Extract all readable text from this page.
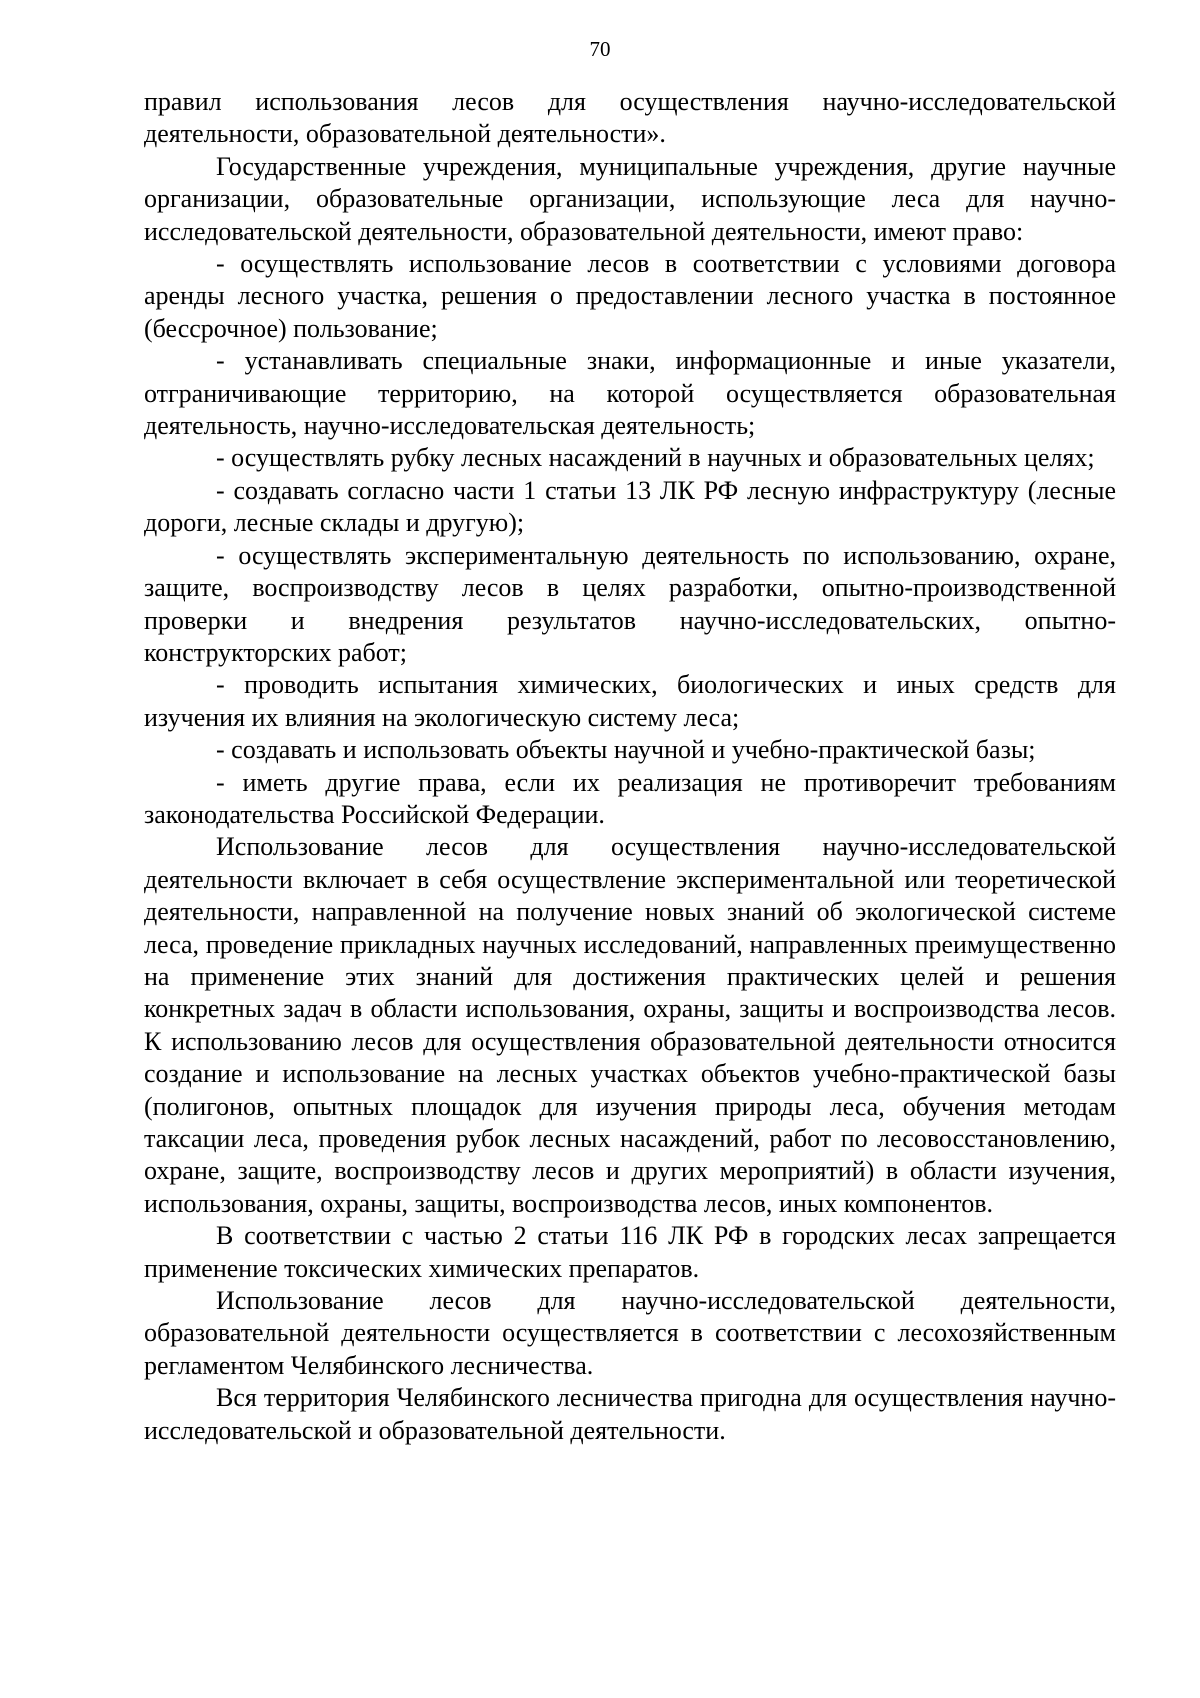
70

правил использования лесов для осуществления научно-исследовательской деятельности, образовательной деятельности».

Государственные учреждения, муниципальные учреждения, другие научные организации, образовательные организации, использующие леса для научно-исследовательской деятельности, образовательной деятельности, имеют право:

- осуществлять использование лесов в соответствии с условиями договора аренды лесного участка, решения о предоставлении лесного участка в постоянное (бессрочное) пользование;

- устанавливать специальные знаки, информационные и иные указатели, отграничивающие территорию, на которой осуществляется образовательная деятельность, научно-исследовательская деятельность;

- осуществлять рубку лесных насаждений в научных и образовательных целях;

- создавать согласно части 1 статьи 13 ЛК РФ лесную инфраструктуру (лесные дороги, лесные склады и другую);

- осуществлять экспериментальную деятельность по использованию, охране, защите, воспроизводству лесов в целях разработки, опытно-производственной проверки и внедрения результатов научно-исследовательских, опытно-конструкторских работ;

- проводить испытания химических, биологических и иных средств для изучения их влияния на экологическую систему леса;

- создавать и использовать объекты научной и учебно-практической базы;

- иметь другие права, если их реализация не противоречит требованиям законодательства Российской Федерации.

Использование лесов для осуществления научно-исследовательской деятельности включает в себя осуществление экспериментальной или теоретической деятельности, направленной на получение новых знаний об экологической системе леса, проведение прикладных научных исследований, направленных преимущественно на применение этих знаний для достижения практических целей и решения конкретных задач в области использования, охраны, защиты и воспроизводства лесов. К использованию лесов для осуществления образовательной деятельности относится создание и использование на лесных участках объектов учебно-практической базы (полигонов, опытных площадок для изучения природы леса, обучения методам таксации леса, проведения рубок лесных насаждений, работ по лесовосстановлению, охране, защите, воспроизводству лесов и других мероприятий) в области изучения, использования, охраны, защиты, воспроизводства лесов, иных компонентов.

В соответствии с частью 2 статьи 116 ЛК РФ в городских лесах запрещается применение токсических химических препаратов.

Использование лесов для научно-исследовательской деятельности, образовательной деятельности осуществляется в соответствии с лесохозяйственным регламентом Челябинского лесничества.

Вся территория Челябинского лесничества пригодна для осуществления научно-исследовательской и образовательной деятельности.
